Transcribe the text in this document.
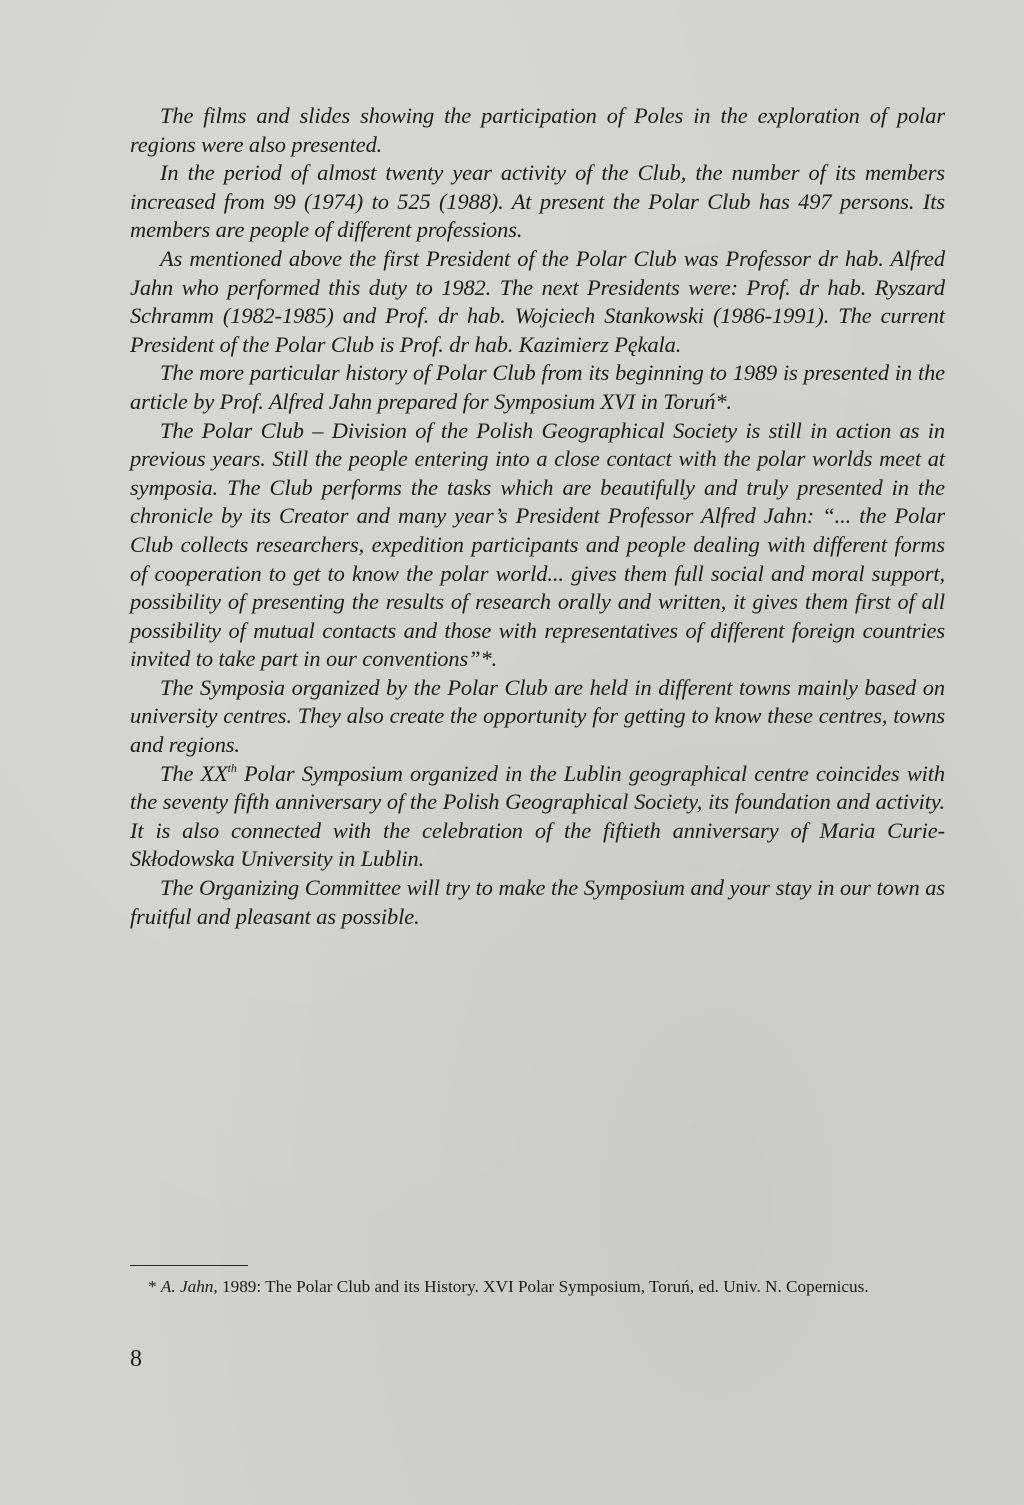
The films and slides showing the participation of Poles in the exploration of polar regions were also presented.

In the period of almost twenty year activity of the Club, the number of its members increased from 99 (1974) to 525 (1988). At present the Polar Club has 497 persons. Its members are people of different professions.

As mentioned above the first President of the Polar Club was Professor dr hab. Alfred Jahn who performed this duty to 1982. The next Presidents were: Prof. dr hab. Ryszard Schramm (1982-1985) and Prof. dr hab. Wojciech Stankowski (1986-1991). The current President of the Polar Club is Prof. dr hab. Kazimierz Pękala.

The more particular history of Polar Club from its beginning to 1989 is presented in the article by Prof. Alfred Jahn prepared for Symposium XVI in Toruń*.

The Polar Club – Division of the Polish Geographical Society is still in action as in previous years. Still the people entering into a close contact with the polar worlds meet at symposia. The Club performs the tasks which are beautifully and truly presented in the chronicle by its Creator and many year’s President Professor Alfred Jahn: “... the Polar Club collects researchers, expedition participants and people dealing with different forms of cooperation to get to know the polar world... gives them full social and moral support, possibility of presenting the results of research orally and written, it gives them first of all possibility of mutual contacts and those with representatives of different foreign countries invited to take part in our conventions”*.

The Symposia organized by the Polar Club are held in different towns mainly based on university centres. They also create the opportunity for getting to know these centres, towns and regions.

The XXth Polar Symposium organized in the Lublin geographical centre coincides with the seventy fifth anniversary of the Polish Geographical Society, its foundation and activity. It is also connected with the celebration of the fiftieth anniversary of Maria Curie-Skłodowska University in Lublin.

The Organizing Committee will try to make the Symposium and your stay in our town as fruitful and pleasant as possible.

* A. Jahn, 1989: The Polar Club and its History. XVI Polar Symposium, Toruń, ed. Univ. N. Copernicus.

8
